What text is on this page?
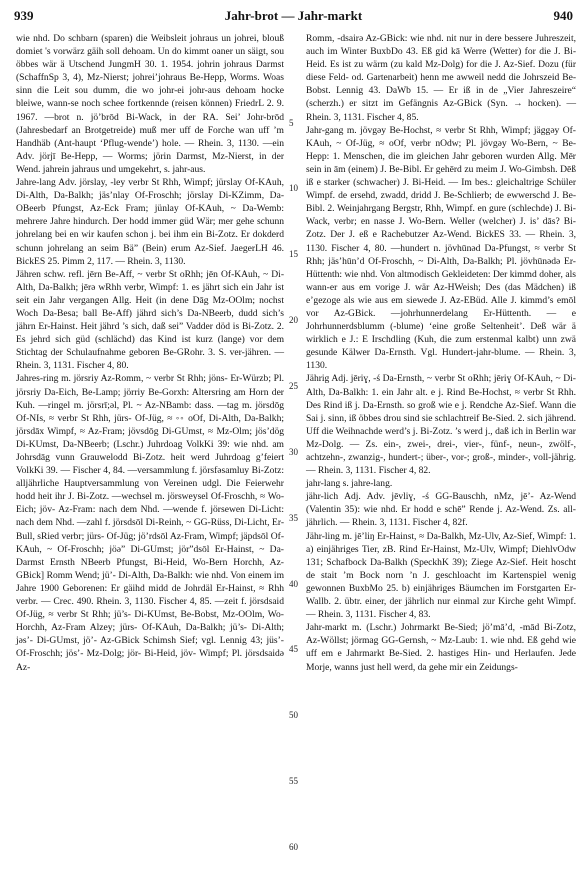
939	Jahr-brot — Jahr-markt	940

wie nhd. Do schbarn (sparen) die Weibsleit johraus un johrei, blouß domiet 's vorwärz gäih soll dehoam. Un do kimmt oaner un säigt, sou öbbes wär ä Utschend JungmH 30. 1. 1954. johrin johraus Darmst (SchaffnSp 3, 4), Mz-Nierst; johrei’johraus Be-Hepp, Worms. Woas sinn die Leit sou dumm, die wo johr-ei johr-aus dehoam hocke bleiwe, wann-se noch schee fortkennde (reisen können) FriedrL 2. 9. 1967. —brot n. jö’brōd Bi-Wack, in der RA. Sei’ Johr-brōd (Jahresbedarf an Brotgetreide) muß mer uff de Forche wan uff ’m Handhäb (Ant-haupt ‘Pflug-wende’) hole. — Rhein. 3, 1130. —ein Adv. jörjī Be-Hepp, — Worms; jörin Darmst, Mz-Nierst, in der Wend. jahrein jahraus und umgekehrt, s. jahr-aus.

Jahre-lang Adv. jörslay, -ley verbr St Rhh, Wimpf; jürslay Of-KAuh, Di-Alth, Da-Balkh; jäs’nlay Of-Froschh; jörslay Di-KZimm, Da-OBeerb Pfungst, Az-Eck Fram; jünlay Of-KAuh, ~ Da-Wemb: mehrere Jahre hindurch. Der hodd immer güd Wär; mer gehe schunn johrelang bei en wir kaufen schon j. bei ihm ein Bi-Zotz. Er dokderd schunn johrelang an seim Bä” (Bein) erum Az-Sief. JaegerLH 46. BickES 25. Pimm 2, 117. — Rhein. 3, 1130.

Jähren schw. refl. jērn Be-Aff, ~ verbr St oRhh; jēn Of-KAuh, ~ Di-Alth, Da-Balkh; jērə wRhh verbr, Wimpf: 1. es jährt sich ein Jahr ist seit ein Jahr vergangen Allg. Heit (in dene Dāg Mz-OOlm; nochst Woch Da-Besa; ball Be-Aff) jährd sich’s Da-NBeerb, dudd sich’s jährn Er-Hainst. Heit jährd ’s sich, daß sei” Vadder död is Bi-Zotz. 2. Es jehrd sich güd (schlächd) das Kind ist kurz (lange) vor dem Stichtag der Schulaufnahme geboren Be-GRohr. 3. S. ver-jähren. — Rhein. 3, 1131. Fischer 4, 80.

Jahres-ring m. jörsriy Az-Romm, ~ verbr St Rhh; jöns- Er-Würzb; Pl. jörsriy Da-Eich, Be-Lamp; jörriy Be-Gorxh: Altersring am Horn der Kuh. —ringel m. jörsrī;əl, Pl. ~ Az-NBamb: dass. —tag m. jörsdōg Of-NIs, ≈ verbr St Rhh, jürs- Of-Jüg, ≈ ◦◦ oOf, Di-Alth, Da-Balkh; jörsdāx Wimpf, ≈ Az-Fram; jövsdōg Di-GUmst, ≈ Mz-Olm; jös’dög Di-KUmst, Da-NBeerb; (Lschr.) Juhrdoag VolkKi 39: wie nhd. am Johrsdāg vunn Grauwelodd Bi-Zotz. heit werd Juhrdoag g’feiert VolkKi 39. — Fischer 4, 84. —versammlung f. jörsfəsamluy Bi-Zotz: alljährliche Hauptversammlung von Vereinen udgl. Die Feierwehr hodd heit ihr J. Bi-Zotz. —wechsel m. jörsweysel Of-Froschh, ≈ Wo-Eich; jöv- Az-Fram: nach dem Nhd. —wende f. jörsewen Di-Licht: nach dem Nhd. —zahl f. jörsdsōl Di-Reinh, ~ GG-Rüss, Di-Licht, Er-Bull, sRied verbr; jürs- Of-Jüg; jö’rdsōl Az-Fram, Wimpf; jäpdsōl Of-KAuh, ~ Of-Froschh; jöə” Di-GUmst; jör”dsōl Er-Hainst, ~ Da-Darmst Ernsth NBeerb Pfungst, Bi-Heid, Wo-Bern Horchh, Az-GBick] Romm Wend; jü’- Di-Alth, Da-Balkh: wie nhd. Von einem im Jahre 1900 Geborenen: Er gäihd midd de Johrdäl Er-Hainst, ≈ Rhh verbr. — Crec. 490. Rhein. 3, 1130. Fischer 4, 85. —zeit f. jörsdsaid Of-Jüg, ≈ verbr St Rhh; jü’s- Di-KUmst, Be-Bobst, Mz-OOlm, Wo-Horchh, Az-Fram Alzey; jürs- Of-KAuh, Da-Balkh; jü’s- Di-Alth; jəs’- Di-GUmst, jö’- Az-GBick Schimsh Sief; vgl. Lennig 43; jüs’- Of-Froschh; jös’- Mz-Dolg; jör- Bi-Heid, jöv- Wimpf; Pl. jörsdsaidə Az-

5
10
15
20
25
30
35
40
45
50
55
60

Romm, -dsairə Az-GBick: wie nhd. nit nur in dere bessere Juhreszeit, auch im Winter BuxbDo 43. Eß gid kā Werre (Wetter) for die J. Bi-Heid. Es ist zu wärm (zu kald Mz-Dolg) for die J. Az-Sief. Dozu (für diese Feld- od. Gartenarbeit) henn me awweil nedd die Johrszeid Be-Bobst. Lennig 43. DaWb 15. — Er iß in de „Vier Jahreszeire“ (scherzh.) er sitzt im Gefängnis Az-GBick (Syn. → hocken). — Rhein. 3, 1131. Fischer 4, 85.

Jahr-gang m. jövgəy Be-Hochst, ≈ verbr St Rhh, Wimpf; jäggəy Of-KAuh, ~ Of-Jüg, ≈ oOf, verbr nOdw; Pl. jövgəy Wo-Bern, ~ Be-Hepp: 1. Menschen, die im gleichen Jahr geboren wurden Allg. Mēr sein in ām (einem) J. Be-Bibl. Er gehērd zu meim J. Wo-Gimbsh. Dēß iß e starker (schwacher) J. Bi-Heid. — Im bes.: gleichaltrige Schüler Wimpf. de ersehd, zwadd, dridd J. Be-Schlierb; de ewwerschd J. Be-Bibl. 2. Weinjahrgang Bergstr, Rhh, Wimpf. en gure (schlechde) J. Bi-Wack, verbr; en nasse J. Wo-Bern. Weller (welcher) J. is’ dās? Bi-Zotz. Der J. eß e Rachebutzer Az-Wend. BickES 33. — Rhein. 3, 1130. Fischer 4, 80. —hundert n. jövhūnəd Da-Pfungst, ≈ verbr St Rhh; jäs’hūn’d Of-Froschh, ~ Di-Alth, Da-Balkh; Pl. jövhūnədə Er-Hüttenth: wie nhd. Von altmodisch Gekleideten: Der kimmd doher, als wann-er aus em vorige J. wär Az-HWeish; Des (das Mädchen) iß e’gezoge als wie aus em siewede J. Az-EBüd. Alle J. kimmd’s emōl vor Az-GBick. —johrhunnerdelang Er-Hüttenth. — e Johrhunnerdsblumm (-blume) ‘eine große Seltenheit’. Deß wär ä wirklich e J.: E Irschdling (Kuh, die zum erstenmal kalbt) unn zwä gesunde Kälwer Da-Ernsth. Vgl. Hundert-jahr-blume. — Rhein. 3, 1130.

Jährig Adj. jēriɣ, -ś Da-Ernsth, ~ verbr St oRhh; jēriɣ Of-KAuh, ~ Di-Alth, Da-Balkh: 1. ein Jahr alt. e j. Rind Be-Hochst, ≈ verbr St Rhh. Des Rind iß j. Da-Ernsth. so groß wie e j. Rendche Az-Sief. Wann die Sai j. sinn, iß öbbes drou sind sie schlachtreif Be-Sied. 2. sich jährend. Uff die Weihnachde werd’s j. Bi-Zotz. ’s werd j., daß ich in Berlin war Mz-Dolg. — Zs. ein-, zwei-, drei-, vier-, fünf-, neun-, zwölf-, achtzehn-, zwanzig-, hundert-; über-, vor-; groß-, minder-, voll-jährig. — Rhein. 3, 1131. Fischer 4, 82.

jahr-lang s. jahre-lang.

jähr-lich Adj. Adv. jēvliɣ, -ś GG-Bauschh, nMz, jē’- Az-Wend (Valentin 35): wie nhd. Er hodd e schē” Rende j. Az-Wend. Zs. all-jährlich. — Rhein. 3, 1131. Fischer 4, 82f.

Jähr-ling m. jē’liŋ Er-Hainst, ≈ Da-Balkh, Mz-Ulv, Az-Sief, Wimpf: 1. a) einjähriges Tier, zB. Rind Er-Hainst, Mz-Ulv, Wimpf; DiehlvOdw 131; Schafbock Da-Balkh (SpeckhK 39); Ziege Az-Sief. Heit hoscht de stait ’m Bock norn ’n J. geschloacht im Kartenspiel wenig gewonnen BuxbMo 25. b) einjähriges Bäumchen im Forstgarten Er-Wallb. 2. übtr. einer, der jährlich nur einmal zur Kirche geht Wimpf. — Rhein. 3, 1131. Fischer 4, 83.

Jahr-markt m. (Lschr.) Johrmarkt Be-Sied; jö’mā’d, -mād Bi-Zotz, Az-Wöllst; jörmag GG-Gernsh, ~ Mz-Laub: 1. wie nhd. Eß gehd wie uff em e Jahrmarkt Be-Sied. 2. hastiges Hin- und Herlaufen. Jede Morje, wanns just hell werd, da gehe mir ein Zeidungs-
